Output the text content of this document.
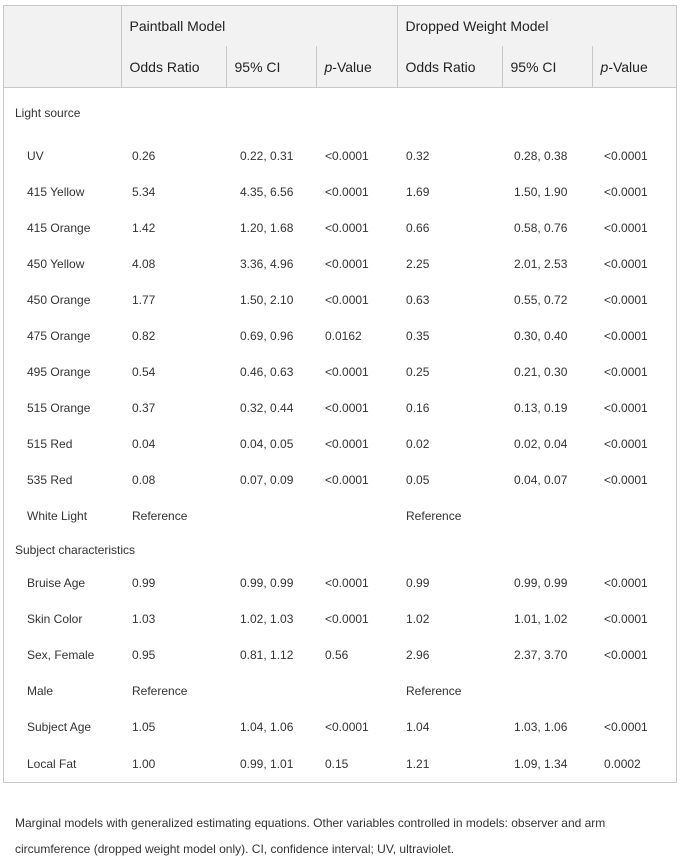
	Paintball Model			Dropped Weight Model		
	Odds Ratio	95% CI	p-Value	Odds Ratio	95% CI	p-Value
Light source						
UV	0.26	0.22, 0.31	<0.0001	0.32	0.28, 0.38	<0.0001
415 Yellow	5.34	4.35, 6.56	<0.0001	1.69	1.50, 1.90	<0.0001
415 Orange	1.42	1.20, 1.68	<0.0001	0.66	0.58, 0.76	<0.0001
450 Yellow	4.08	3.36, 4.96	<0.0001	2.25	2.01, 2.53	<0.0001
450 Orange	1.77	1.50, 2.10	<0.0001	0.63	0.55, 0.72	<0.0001
475 Orange	0.82	0.69, 0.96	0.0162	0.35	0.30, 0.40	<0.0001
495 Orange	0.54	0.46, 0.63	<0.0001	0.25	0.21, 0.30	<0.0001
515 Orange	0.37	0.32, 0.44	<0.0001	0.16	0.13, 0.19	<0.0001
515 Red	0.04	0.04, 0.05	<0.0001	0.02	0.02, 0.04	<0.0001
535 Red	0.08	0.07, 0.09	<0.0001	0.05	0.04, 0.07	<0.0001
White Light	Reference			Reference		
Subject characteristics						
Bruise Age	0.99	0.99, 0.99	<0.0001	0.99	0.99, 0.99	<0.0001
Skin Color	1.03	1.02, 1.03	<0.0001	1.02	1.01, 1.02	<0.0001
Sex, Female	0.95	0.81, 1.12	0.56	2.96	2.37, 3.70	<0.0001
Male	Reference			Reference		
Subject Age	1.05	1.04, 1.06	<0.0001	1.04	1.03, 1.06	<0.0001
Local Fat	1.00	0.99, 1.01	0.15	1.21	1.09, 1.34	0.0002
Marginal models with generalized estimating equations. Other variables controlled in models: observer and arm circumference (dropped weight model only). CI, confidence interval; UV, ultraviolet.
